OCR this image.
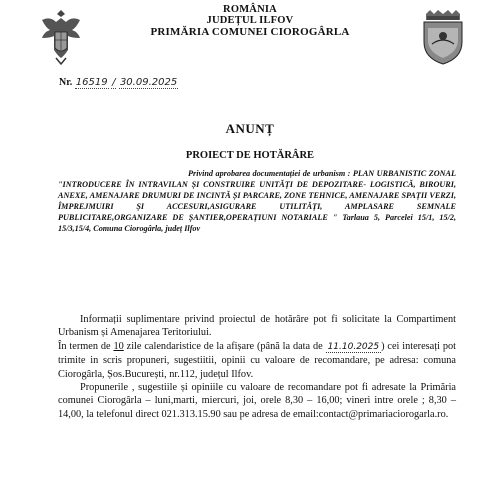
ROMÂNIA
JUDEȚUL ILFOV
PRIMĂRIA COMUNEI CIOROGÂRLA
Nr. 16519 / 30.09.2025
ANUNȚ
PROIECT DE HOTĂRÂRE
Privind aprobarea documentației de urbanism : PLAN URBANISTIC ZONAL "INTRODUCERE ÎN INTRAVILAN ȘI CONSTRUIRE UNITĂȚI DE DEPOZITARE- LOGISTICĂ, BIROURI, ANEXE, AMENAJARE DRUMURI DE INCINTĂ ȘI PARCARE, ZONE TEHNICE, AMENAJARE SPAȚII VERZI, ÎMPREJMUIRI ȘI ACCESURI,ASIGURARE UTILITĂȚI, AMPLASARE SEMNALE PUBLICITARE,ORGANIZARE DE ȘANTIER,OPERAȚIUNI NOTARIALE " Tarlaua 5, Parcelei 15/1, 15/2, 15/3,15/4, Comuna Ciorogârla, județ Ilfov

Informații suplimentare privind proiectul de hotărâre pot fi solicitate la Compartiment Urbanism și Amenajarea Teritoriului.

În termen de 10 zile calendaristice de la afișare (până la data de 11.10.2025 ) cei interesați pot trimite in scris propuneri, sugestiitii, opinii cu valoare de recomandare, pe adresa: comuna Ciorogârla, Șos.București, nr.112, județul Ilfov.

Propunerile , sugestiile și opiniile cu valoare de recomandare pot fi adresate la Primăria comunei Ciorogârla – luni,marti, miercuri, joi, orele 8,30 – 16,00; vineri intre orele ; 8,30 – 14,00, la telefonul direct 021.313.15.90 sau pe adresa de email:contact@primariaciorogarla.ro.
